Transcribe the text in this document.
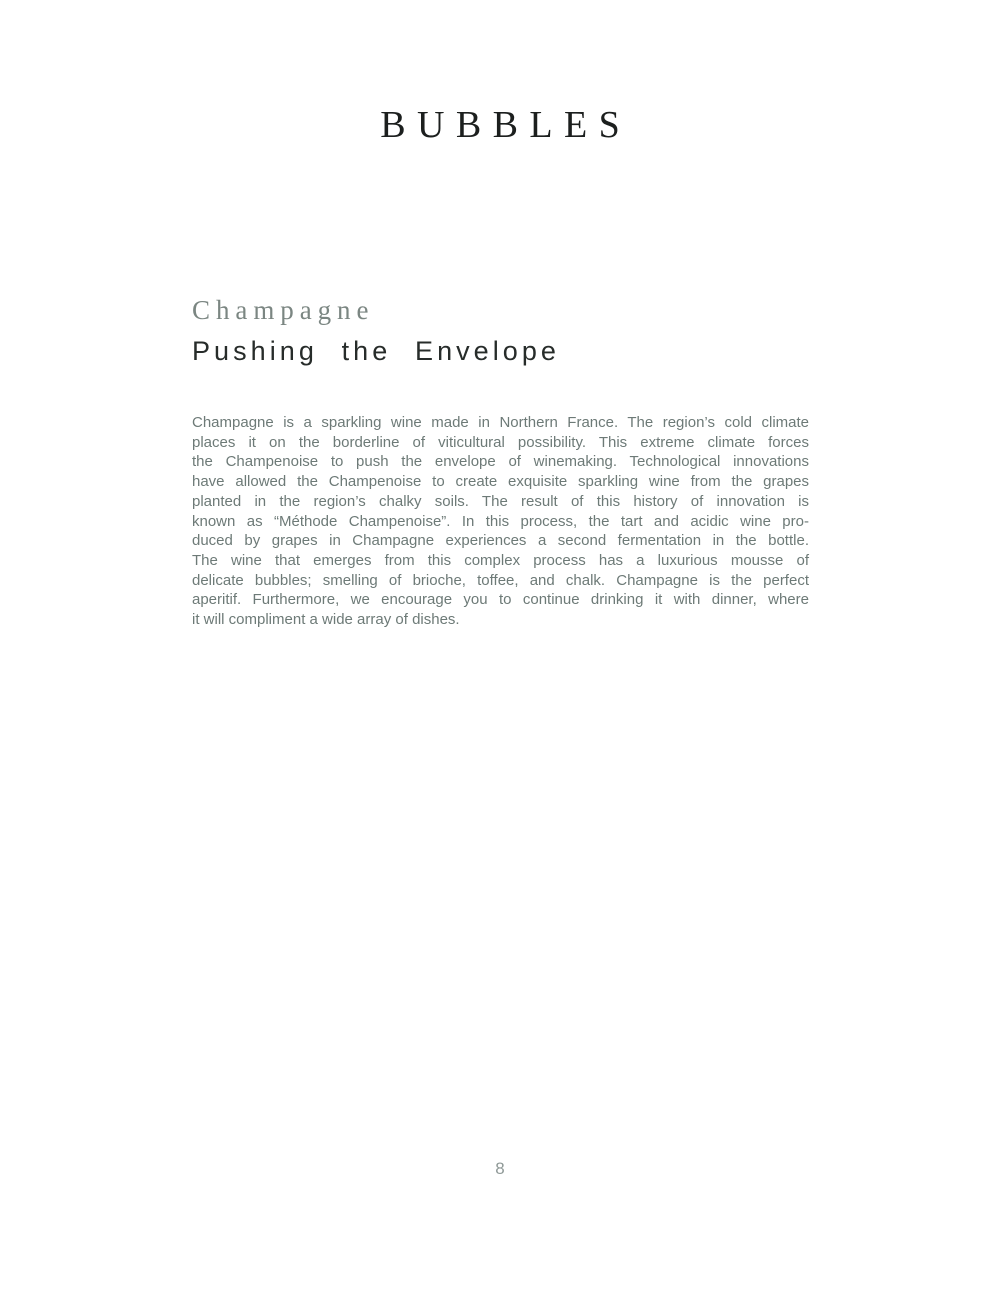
BUBBLES
Champagne
Pushing the Envelope
Champagne is a sparkling wine made in Northern France. The region’s cold climate
places it on the borderline of viticultural possibility. This extreme climate forces
the Champenoise to push the envelope of winemaking. Technological innovations
have allowed the Champenoise to create exquisite sparkling wine from the grapes
planted in the region’s chalky soils. The result of this history of innovation is
known as “Méthode Champenoise”. In this process, the tart and acidic wine pro-
duced by grapes in Champagne experiences a second fermentation in the bottle.
The wine that emerges from this complex process has a luxurious mousse of
delicate bubbles; smelling of brioche, toffee, and chalk. Champagne is the perfect
aperitif. Furthermore, we encourage you to continue drinking it with dinner, where
it will compliment a wide array of dishes.
8
